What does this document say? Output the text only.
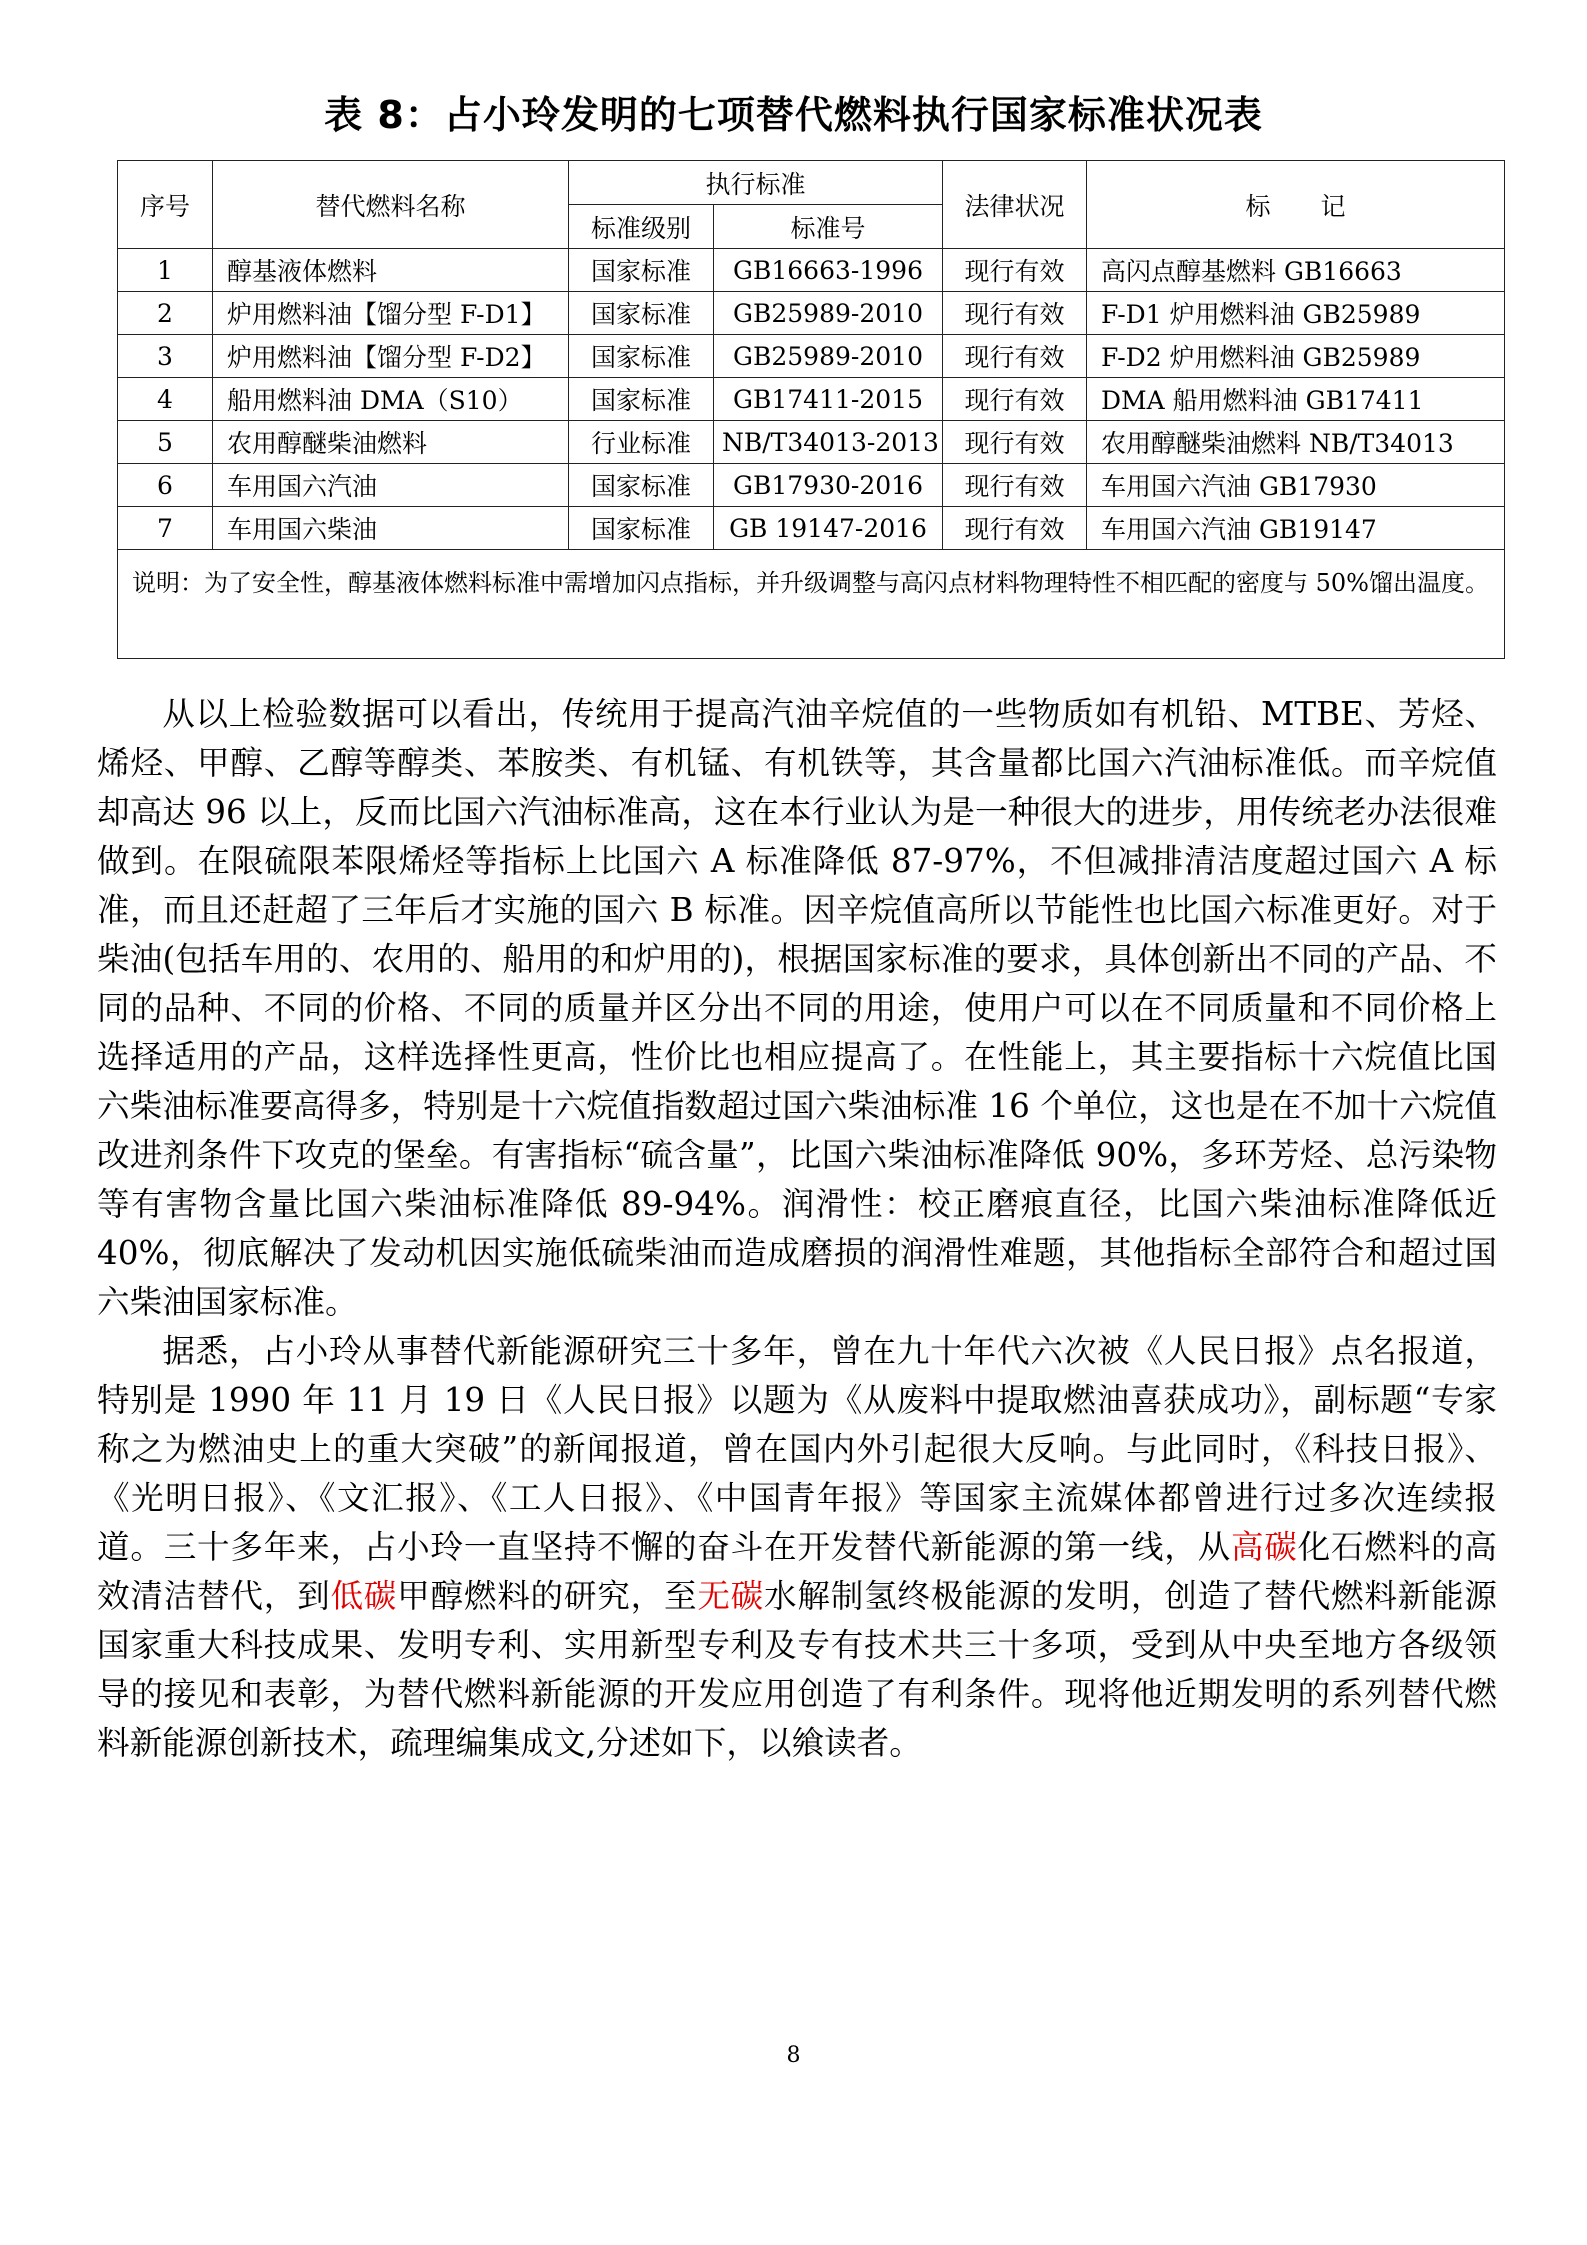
表 8：占小玲发明的七项替代燃料执行国家标准状况表
序号	替代燃料名称	执行标准		法律状况	标　　记
		标准级别	标准号		
1	醇基液体燃料	国家标准	GB16663-1996	现行有效	高闪点醇基燃料 GB16663
2	炉用燃料油【馏分型 F-D1】	国家标准	GB25989-2010	现行有效	F-D1 炉用燃料油 GB25989
3	炉用燃料油【馏分型 F-D2】	国家标准	GB25989-2010	现行有效	F-D2 炉用燃料油 GB25989
4	船用燃料油 DMA（S10）	国家标准	GB17411-2015	现行有效	DMA 船用燃料油 GB17411
5	农用醇醚柴油燃料	行业标准	NB/T34013-2013	现行有效	农用醇醚柴油燃料 NB/T34013
6	车用国六汽油	国家标准	GB17930-2016	现行有效	车用国六汽油 GB17930
7	车用国六柴油	国家标准	GB 19147-2016	现行有效	车用国六汽油 GB19147
说明：为了安全性，醇基液体燃料标准中需增加闪点指标，并升级调整与高闪点材料物理特性不相匹配的密度与 50%馏出温度。					

从以上检验数据可以看出，传统用于提高汽油辛烷值的一些物质如有机铅、MTBE、芳烃、烯烃、甲醇、乙醇等醇类、苯胺类、有机锰、有机铁等，其含量都比国六汽油标准低。而辛烷值却高达 96 以上，反而比国六汽油标准高，这在本行业认为是一种很大的进步，用传统老办法很难做到。在限硫限苯限烯烃等指标上比国六 A 标准降低 87-97%，不但减排清洁度超过国六 A 标准，而且还赶超了三年后才实施的国六 B 标准。因辛烷值高所以节能性也比国六标准更好。对于柴油(包括车用的、农用的、船用的和炉用的)，根据国家标准的要求，具体创新出不同的产品、不同的品种、不同的价格、不同的质量并区分出不同的用途，使用户可以在不同质量和不同价格上选择适用的产品，这样选择性更高，性价比也相应提高了。在性能上，其主要指标十六烷值比国六柴油标准要高得多，特别是十六烷值指数超过国六柴油标准 16 个单位，这也是在不加十六烷值改进剂条件下攻克的堡垒。有害指标“硫含量”，比国六柴油标准降低 90%，多环芳烃、总污染物等有害物含量比国六柴油标准降低 89-94%。润滑性：校正磨痕直径，比国六柴油标准降低近 40%，彻底解决了发动机因实施低硫柴油而造成磨损的润滑性难题，其他指标全部符合和超过国六柴油国家标准。

据悉，占小玲从事替代新能源研究三十多年，曾在九十年代六次被《人民日报》点名报道，特别是 1990 年 11 月 19 日《人民日报》以题为《从废料中提取燃油喜获成功》，副标题“专家称之为燃油史上的重大突破”的新闻报道，曾在国内外引起很大反响。与此同时，《科技日报》、《光明日报》、《文汇报》、《工人日报》、《中国青年报》等国家主流媒体都曾进行过多次连续报道。三十多年来，占小玲一直坚持不懈的奋斗在开发替代新能源的第一线，从高碳化石燃料的高效清洁替代，到低碳甲醇燃料的研究，至无碳水解制氢终极能源的发明，创造了替代燃料新能源国家重大科技成果、发明专利、实用新型专利及专有技术共三十多项，受到从中央至地方各级领导的接见和表彰，为替代燃料新能源的开发应用创造了有利条件。现将他近期发明的系列替代燃料新能源创新技术，疏理编集成文,分述如下，以飨读者。

8
